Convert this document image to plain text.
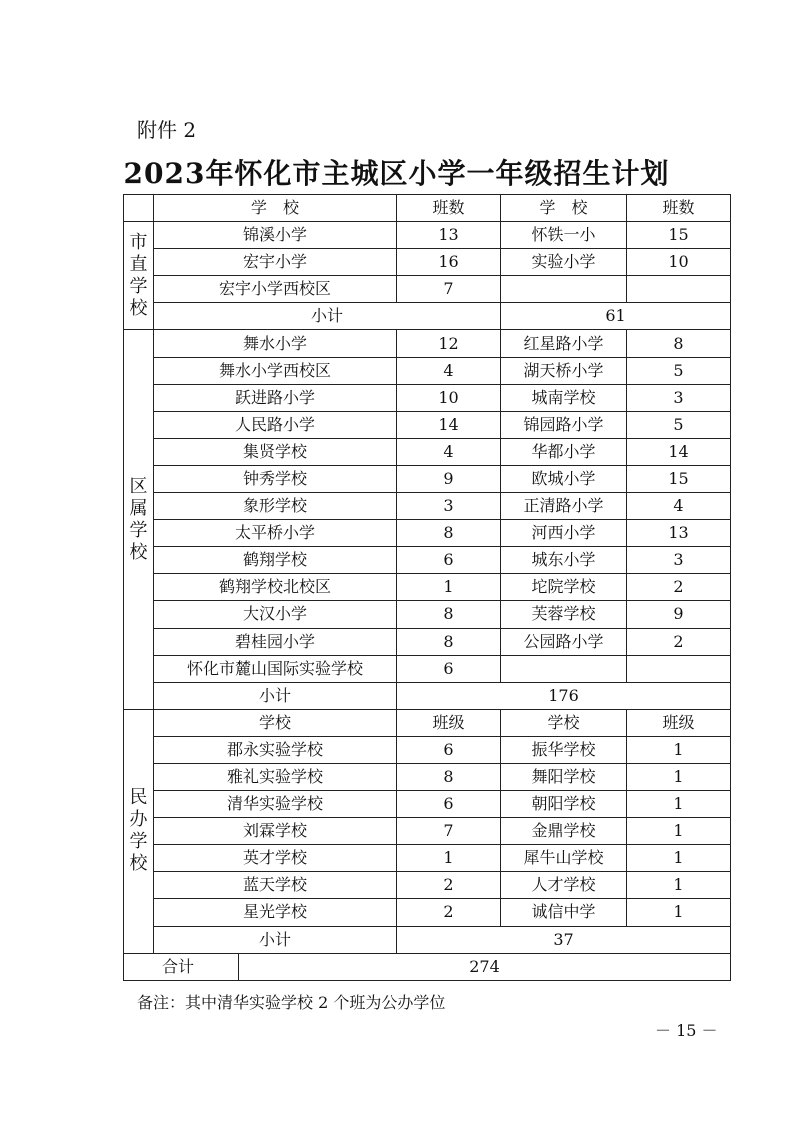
附件 2
2023年怀化市主城区小学一年级招生计划
	学　校		班数	学　校	班数
市直学校	锦溪小学		13	怀铁一小	15
	宏宇小学		16	实验小学	10
	宏宇小学西校区		7		
	小计			61	
区属学校	舞水小学		12	红星路小学	8
	舞水小学西校区		4	湖天桥小学	5
	跃进路小学		10	城南学校	3
	人民路小学		14	锦园路小学	5
	集贤学校		4	华都小学	14
	钟秀学校		9	欧城小学	15
	象形学校		3	正清路小学	4
	太平桥小学		8	河西小学	13
	鹤翔学校		6	城东小学	3
	鹤翔学校北校区		1	坨院学校	2
	大汉小学		8	芙蓉学校	9
	碧桂园小学		8	公园路小学	2
	怀化市麓山国际实验学校		6		
	小计		176		
民办学校	学校		班级	学校	班级
	郡永实验学校		6	振华学校	1
	雅礼实验学校		8	舞阳学校	1
	清华实验学校		6	朝阳学校	1
	刘霖学校		7	金鼎学校	1
	英才学校		1	犀牛山学校	1
	蓝天学校		2	人才学校	1
	星光学校		2	诚信中学	1
	小计		37		
合计		274			
备注：其中清华实验学校 2 个班为公办学位
－ 15 －
